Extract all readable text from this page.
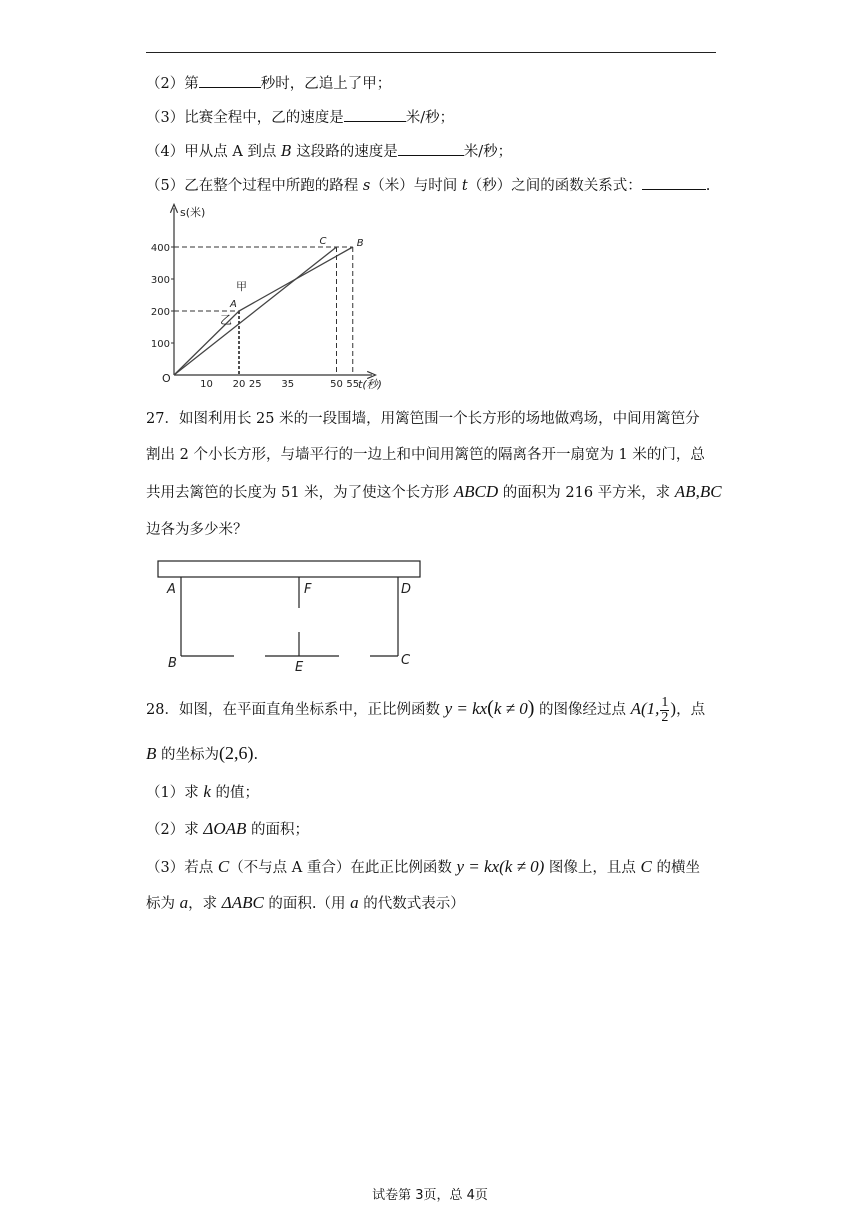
（2）第	秒时，乙追上了甲；
（3）比赛全程中，乙的速度是	米/秒；
（4）甲从点 A 到点 B 这段路的速度是	米/秒；
（5）乙在整个过程中所跑的路程 s（米）与时间 t（秒）之间的函数关系式：	.
s(米)
t(秒)
O
400
300
200
100
10 20 25 35	50 55
A
B
C
甲
乙
27．如图利用长 25 米的一段围墙，用篱笆围一个长方形的场地做鸡场，中间用篱笆分
割出 2 个小长方形，与墙平行的一边上和中间用篱笆的隔离各开一扇宽为 1 米的门，总
共用去篱笆的长度为 51 米，为了使这个长方形 ABCD 的面积为 216 平方米，求 AB,BC
边各为多少米？
A	F	D
B	E	C
28．如图，在平面直角坐标系中，正比例函数 y = kx(k ≠ 0) 的图像经过点 A(1, $\frac{1}{2}$ )，点
B 的坐标为(2,6).
（1）求 k 的值；
（2）求 ΔOAB 的面积；
（3）若点 C（不与点 A 重合）在此正比例函数 y = kx(k ≠ 0) 图像上，且点 C 的横坐
标为 a，求 ΔABC 的面积.（用 a 的代数式表示）
试卷第 3页，总 4页
